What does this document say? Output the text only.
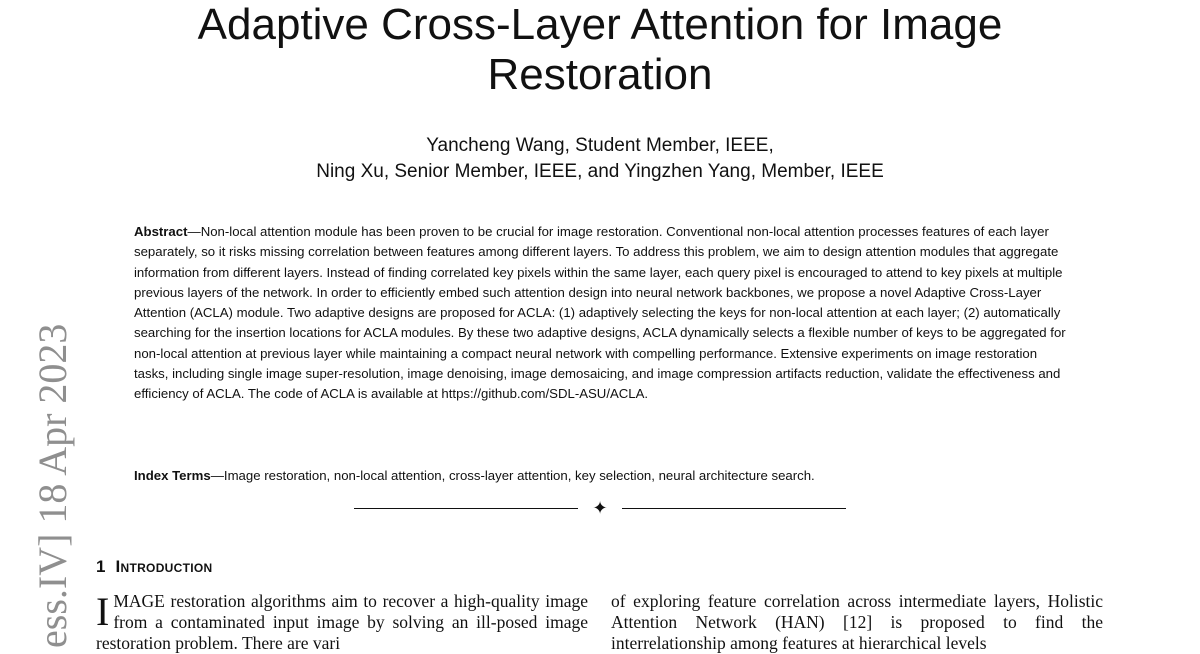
Adaptive Cross-Layer Attention for Image
Restoration
Yancheng Wang, Student Member, IEEE,
Ning Xu, Senior Member, IEEE, and Yingzhen Yang, Member, IEEE

Abstract—Non-local attention module has been proven to be crucial for image restoration. Conventional non-local attention processes features of each layer separately, so it risks missing correlation between features among different layers. To address this problem, we aim to design attention modules that aggregate information from different layers. Instead of finding correlated key pixels within the same layer, each query pixel is encouraged to attend to key pixels at multiple previous layers of the network. In order to efficiently embed such attention design into neural network backbones, we propose a novel Adaptive Cross-Layer Attention (ACLA) module. Two adaptive designs are proposed for ACLA: (1) adaptively selecting the keys for non-local attention at each layer; (2) automatically searching for the insertion locations for ACLA modules. By these two adaptive designs, ACLA dynamically selects a flexible number of keys to be aggregated for non-local attention at previous layer while maintaining a compact neural network with compelling performance. Extensive experiments on image restoration tasks, including single image super-resolution, image denoising, image demosaicing, and image compression artifacts reduction, validate the effectiveness and efficiency of ACLA. The code of ACLA is available at https://github.com/SDL-ASU/ACLA.

Index Terms—Image restoration, non-local attention, cross-layer attention, key selection, neural architecture search.

✦
1 Introduction

IMAGE restoration algorithms aim to recover a high-quality image from a contaminated input image by solving an ill-posed image restoration problem. There are vari

of exploring feature correlation across intermediate layers, Holistic Attention Network (HAN) [12] is proposed to find the interrelationship among features at hierarchical levels

ess.IV] 18 Apr 2023
